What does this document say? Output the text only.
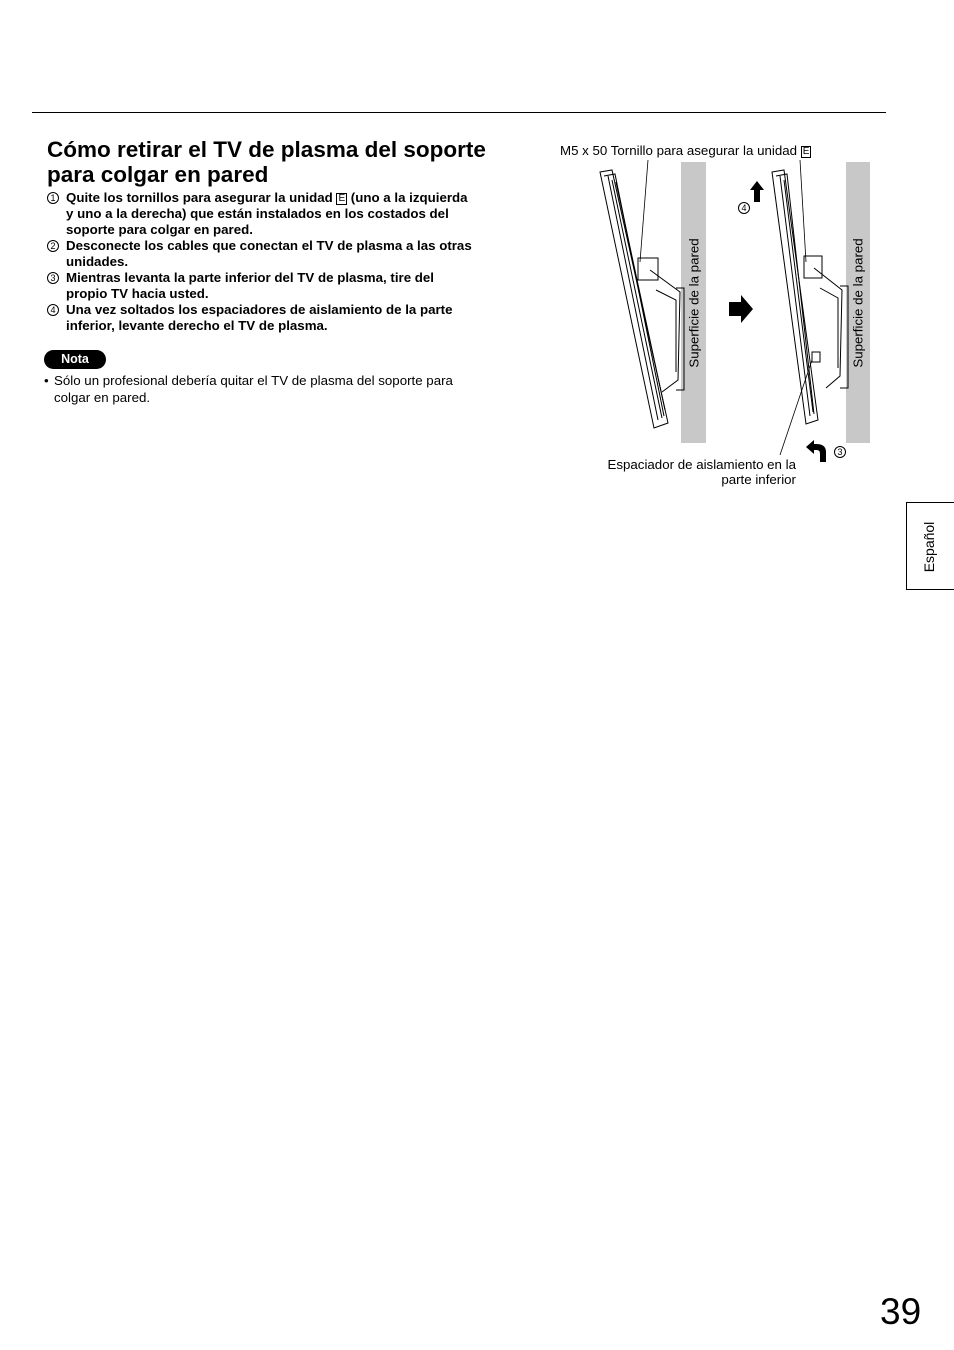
Cómo retirar el TV de plasma del soporte para colgar en pared
1 Quite los tornillos para asegurar la unidad E (uno a la izquierda y uno a la derecha) que están instalados en los costados del soporte para colgar en pared.
2 Desconecte los cables que conectan el TV de plasma a las otras unidades.
3 Mientras levanta la parte inferior del TV de plasma, tire del propio TV hacia usted.
4 Una vez soltados los espaciadores de aislamiento de la parte inferior, levante derecho el TV de plasma.
Nota
• Sólo un profesional debería quitar el TV de plasma del soporte para colgar en pared.
M5 x 50 Tornillo para asegurar la unidad E
Superficie de la pared	Superficie de la pared
4
3
Espaciador de aislamiento en la parte inferior
Español
39
